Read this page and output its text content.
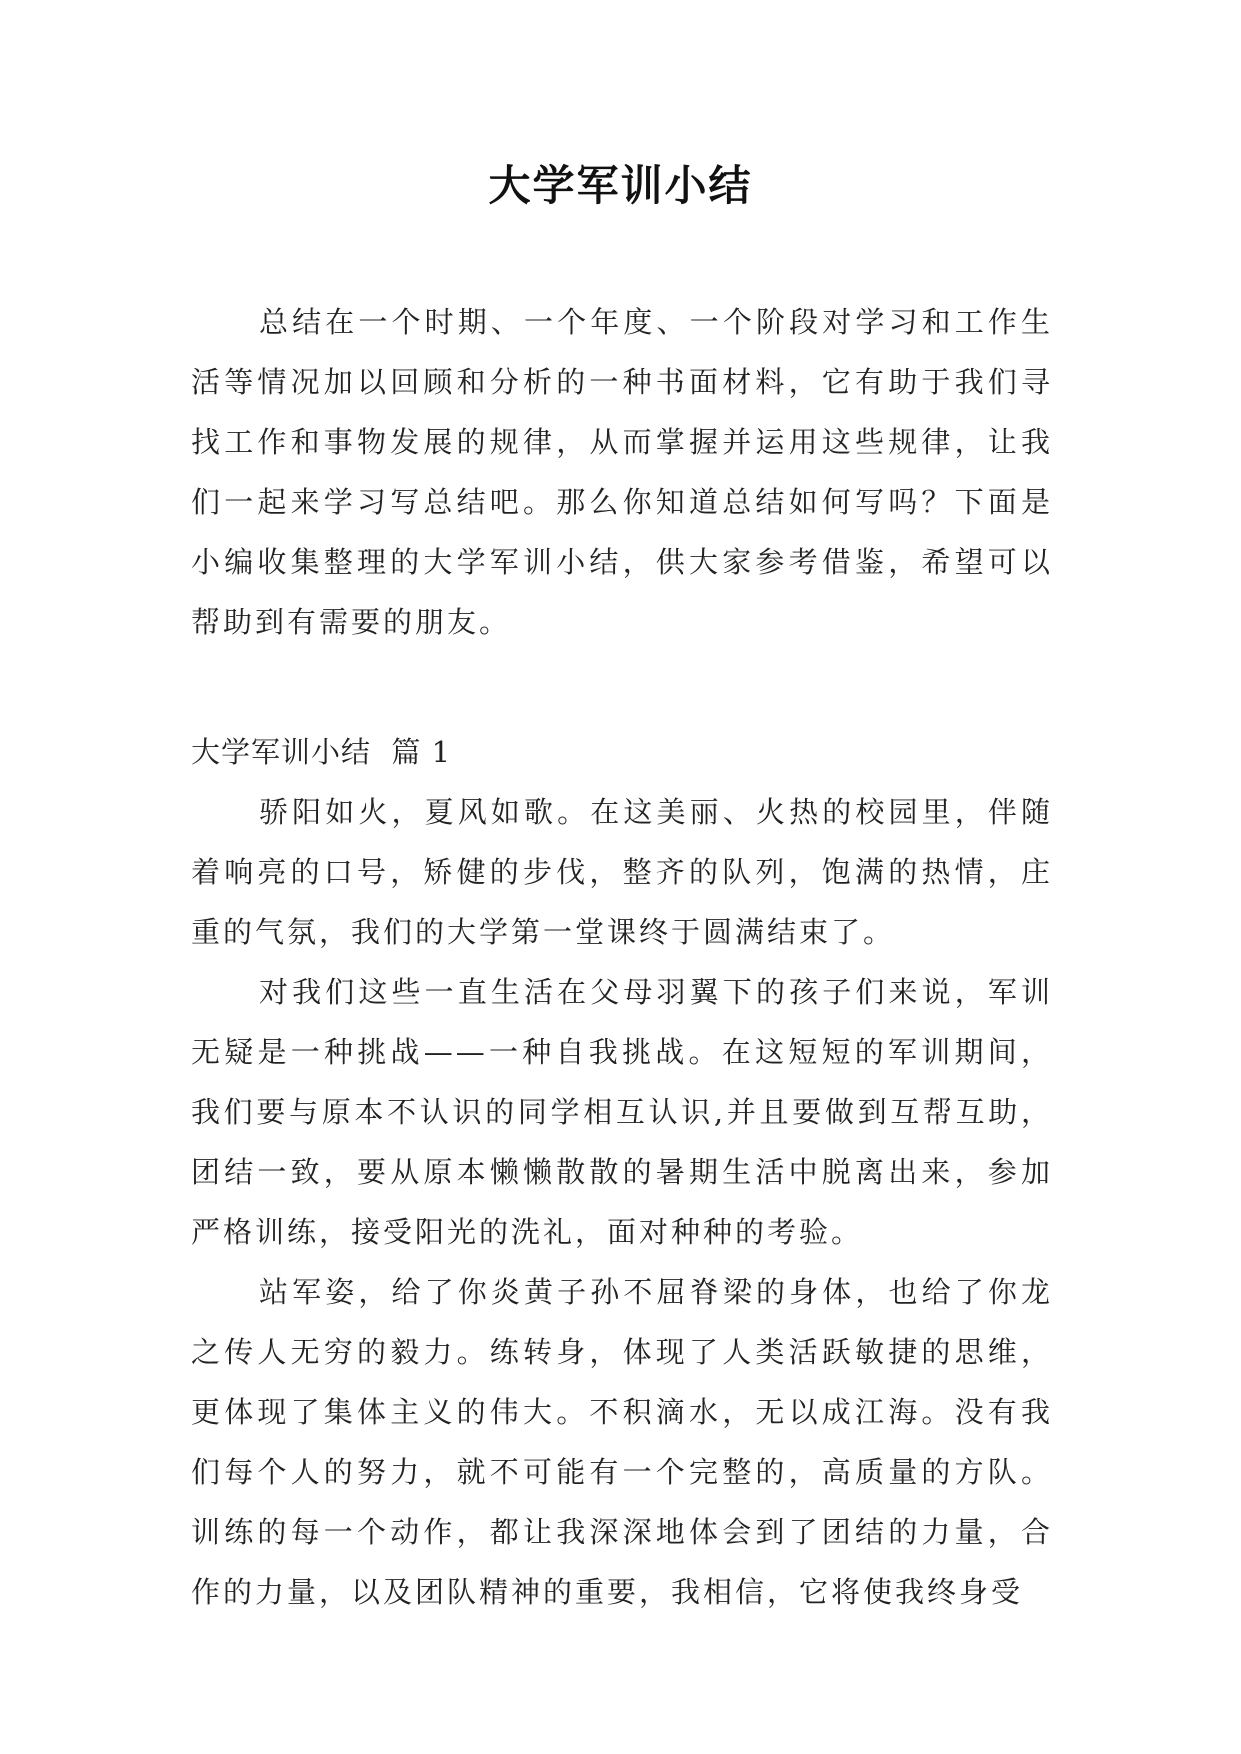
大学军训小结

总结在一个时期、一个年度、一个阶段对学习和工作生活等情况加以回顾和分析的一种书面材料，它有助于我们寻找工作和事物发展的规律，从而掌握并运用这些规律，让我们一起来学习写总结吧。那么你知道总结如何写吗？下面是小编收集整理的大学军训小结，供大家参考借鉴，希望可以帮助到有需要的朋友。

大学军训小结  篇 1

骄阳如火，夏风如歌。在这美丽、火热的校园里，伴随着响亮的口号，矫健的步伐，整齐的队列，饱满的热情，庄重的气氛，我们的大学第一堂课终于圆满结束了。

对我们这些一直生活在父母羽翼下的孩子们来说，军训无疑是一种挑战——一种自我挑战。在这短短的军训期间，我们要与原本不认识的同学相互认识,并且要做到互帮互助，团结一致，要从原本懒懒散散的暑期生活中脱离出来，参加严格训练，接受阳光的洗礼，面对种种的考验。

站军姿，给了你炎黄子孙不屈脊梁的身体，也给了你龙之传人无穷的毅力。练转身，体现了人类活跃敏捷的思维，更体现了集体主义的伟大。不积滴水，无以成江海。没有我们每个人的努力，就不可能有一个完整的，高质量的方队。训练的每一个动作，都让我深深地体会到了团结的力量，合作的力量，以及团队精神的重要，我相信，它将使我终身受
